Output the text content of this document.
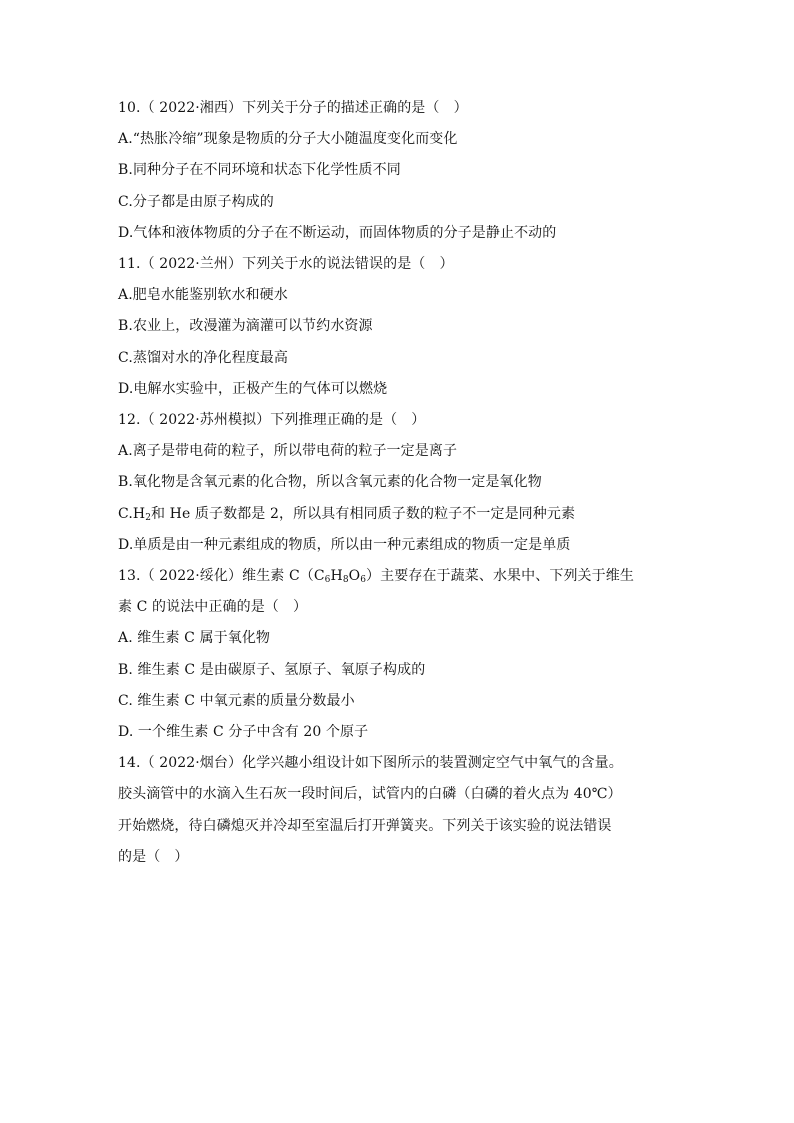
10.（ 2022·湘西）下列关于分子的描述正确的是（　）
A.“热胀冷缩”现象是物质的分子大小随温度变化而变化
B.同种分子在不同环境和状态下化学性质不同
C.分子都是由原子构成的
D.气体和液体物质的分子在不断运动，而固体物质的分子是静止不动的
11.（ 2022·兰州）下列关于水的说法错误的是（　）
A.肥皂水能鉴别软水和硬水
B.农业上，改漫灌为滴灌可以节约水资源
C.蒸馏对水的净化程度最高
D.电解水实验中，正极产生的气体可以燃烧
12.（ 2022·苏州模拟）下列推理正确的是（　）
A.离子是带电荷的粒子，所以带电荷的粒子一定是离子
B.氧化物是含氧元素的化合物，所以含氧元素的化合物一定是氧化物
$C.H_2$和 He 质子数都是 2，所以具有相同质子数的粒子不一定是同种元素
D.单质是由一种元素组成的物质，所以由一种元素组成的物质一定是单质
13.（ 2022·绥化）维生素 $C(C_6H_8O_6)$主要存在于蔬菜、水果中、下列关于维生
素 C 的说法中正确的是（　）
A. 维生素 C 属于氧化物
B. 维生素 C 是由碳原子、氢原子、氧原子构成的
C. 维生素 C 中氧元素的质量分数最小
D. 一个维生素 C 分子中含有 20 个原子
14.（ 2022·烟台）化学兴趣小组设计如下图所示的装置测定空气中氧气的含量。
胶头滴管中的水滴入生石灰一段时间后，试管内的白磷（白磷的着火点为 40℃）
开始燃烧，待白磷熄灭并冷却至室温后打开弹簧夹。下列关于该实验的说法错误
的是（　）
